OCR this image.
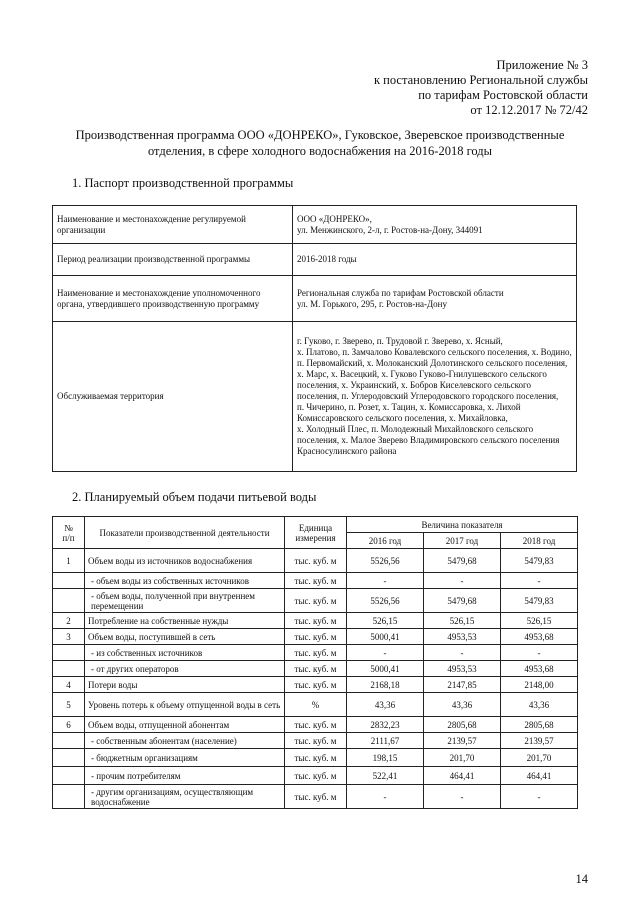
Приложение № 3
к постановлению Региональной службы
по тарифам Ростовской области
от 12.12.2017 № 72/42
Производственная программа ООО «ДОНРЕКО», Гуковское, Зверевское производственные
отделения, в сфере холодного водоснабжения на 2016-2018 годы
1. Паспорт производственной программы
Наименование и местонахождение регулируемой организации	ООО «ДОНРЕКО»,
ул. Менжинского, 2-л, г. Ростов-на-Дону, 344091
Период реализации производственной программы	2016-2018 годы
Наименование и местонахождение уполномоченного органа, утвердившего производственную программу	Региональная служба по тарифам Ростовской области
ул. М. Горького, 295, г. Ростов-на-Дону
Обслуживаемая территория	г. Гуково, г. Зверево, п. Трудовой г. Зверево, х. Ясный,
х. Платово, п. Замчалово Ковалевского сельского поселения, х. Водино, п. Первомайский, х. Молоканский Долотинского сельского поселения, х. Марс, х. Васецкий, х. Гуково Гуково-Гнилушевского сельского поселения, х. Украинский, х. Бобров Киселевского сельского поселения, п. Углеродовский Углеродовского городского поселения,
п. Чичерино, п. Розет, х. Тацин, х. Комиссаровка, х. Лихой Комиссаровского сельского поселения, х. Михайловка,
х. Холодный Плес, п. Молодежный Михайловского сельского поселения, х. Малое Зверево Владимировского сельского поселения Красносулинского района
2. Планируемый объем подачи питьевой воды
№
п/п	Показатели производственной деятельности	Единица измерения	Величина показателя		
			2016 год	2017 год	2018 год
1	Объем воды из источников водоснабжения	тыс. куб. м	5526,56	5479,68	5479,83
	- объем воды из собственных источников	тыс. куб. м	-	-	-
	- объем воды, полученной при внутреннем перемещении	тыс. куб. м	5526,56	5479,68	5479,83
2	Потребление на собственные нужды	тыс. куб. м	526,15	526,15	526,15
3	Объем воды, поступившей в сеть	тыс. куб. м	5000,41	4953,53	4953,68
	- из собственных источников	тыс. куб. м	-	-	-
	- от других операторов	тыс. куб. м	5000,41	4953,53	4953,68
4	Потери воды	тыс. куб. м	2168,18	2147,85	2148,00
5	Уровень потерь к объему отпущенной воды в сеть	%	43,36	43,36	43,36
6	Объем воды, отпущенной абонентам	тыс. куб. м	2832,23	2805,68	2805,68
	- собственным абонентам (население)	тыс. куб. м	2111,67	2139,57	2139,57
	- бюджетным организациям	тыс. куб. м	198,15	201,70	201,70
	- прочим потребителям	тыс. куб. м	522,41	464,41	464,41
	- другим организациям, осуществляющим водоснабжение	тыс. куб. м	-	-	-
14
